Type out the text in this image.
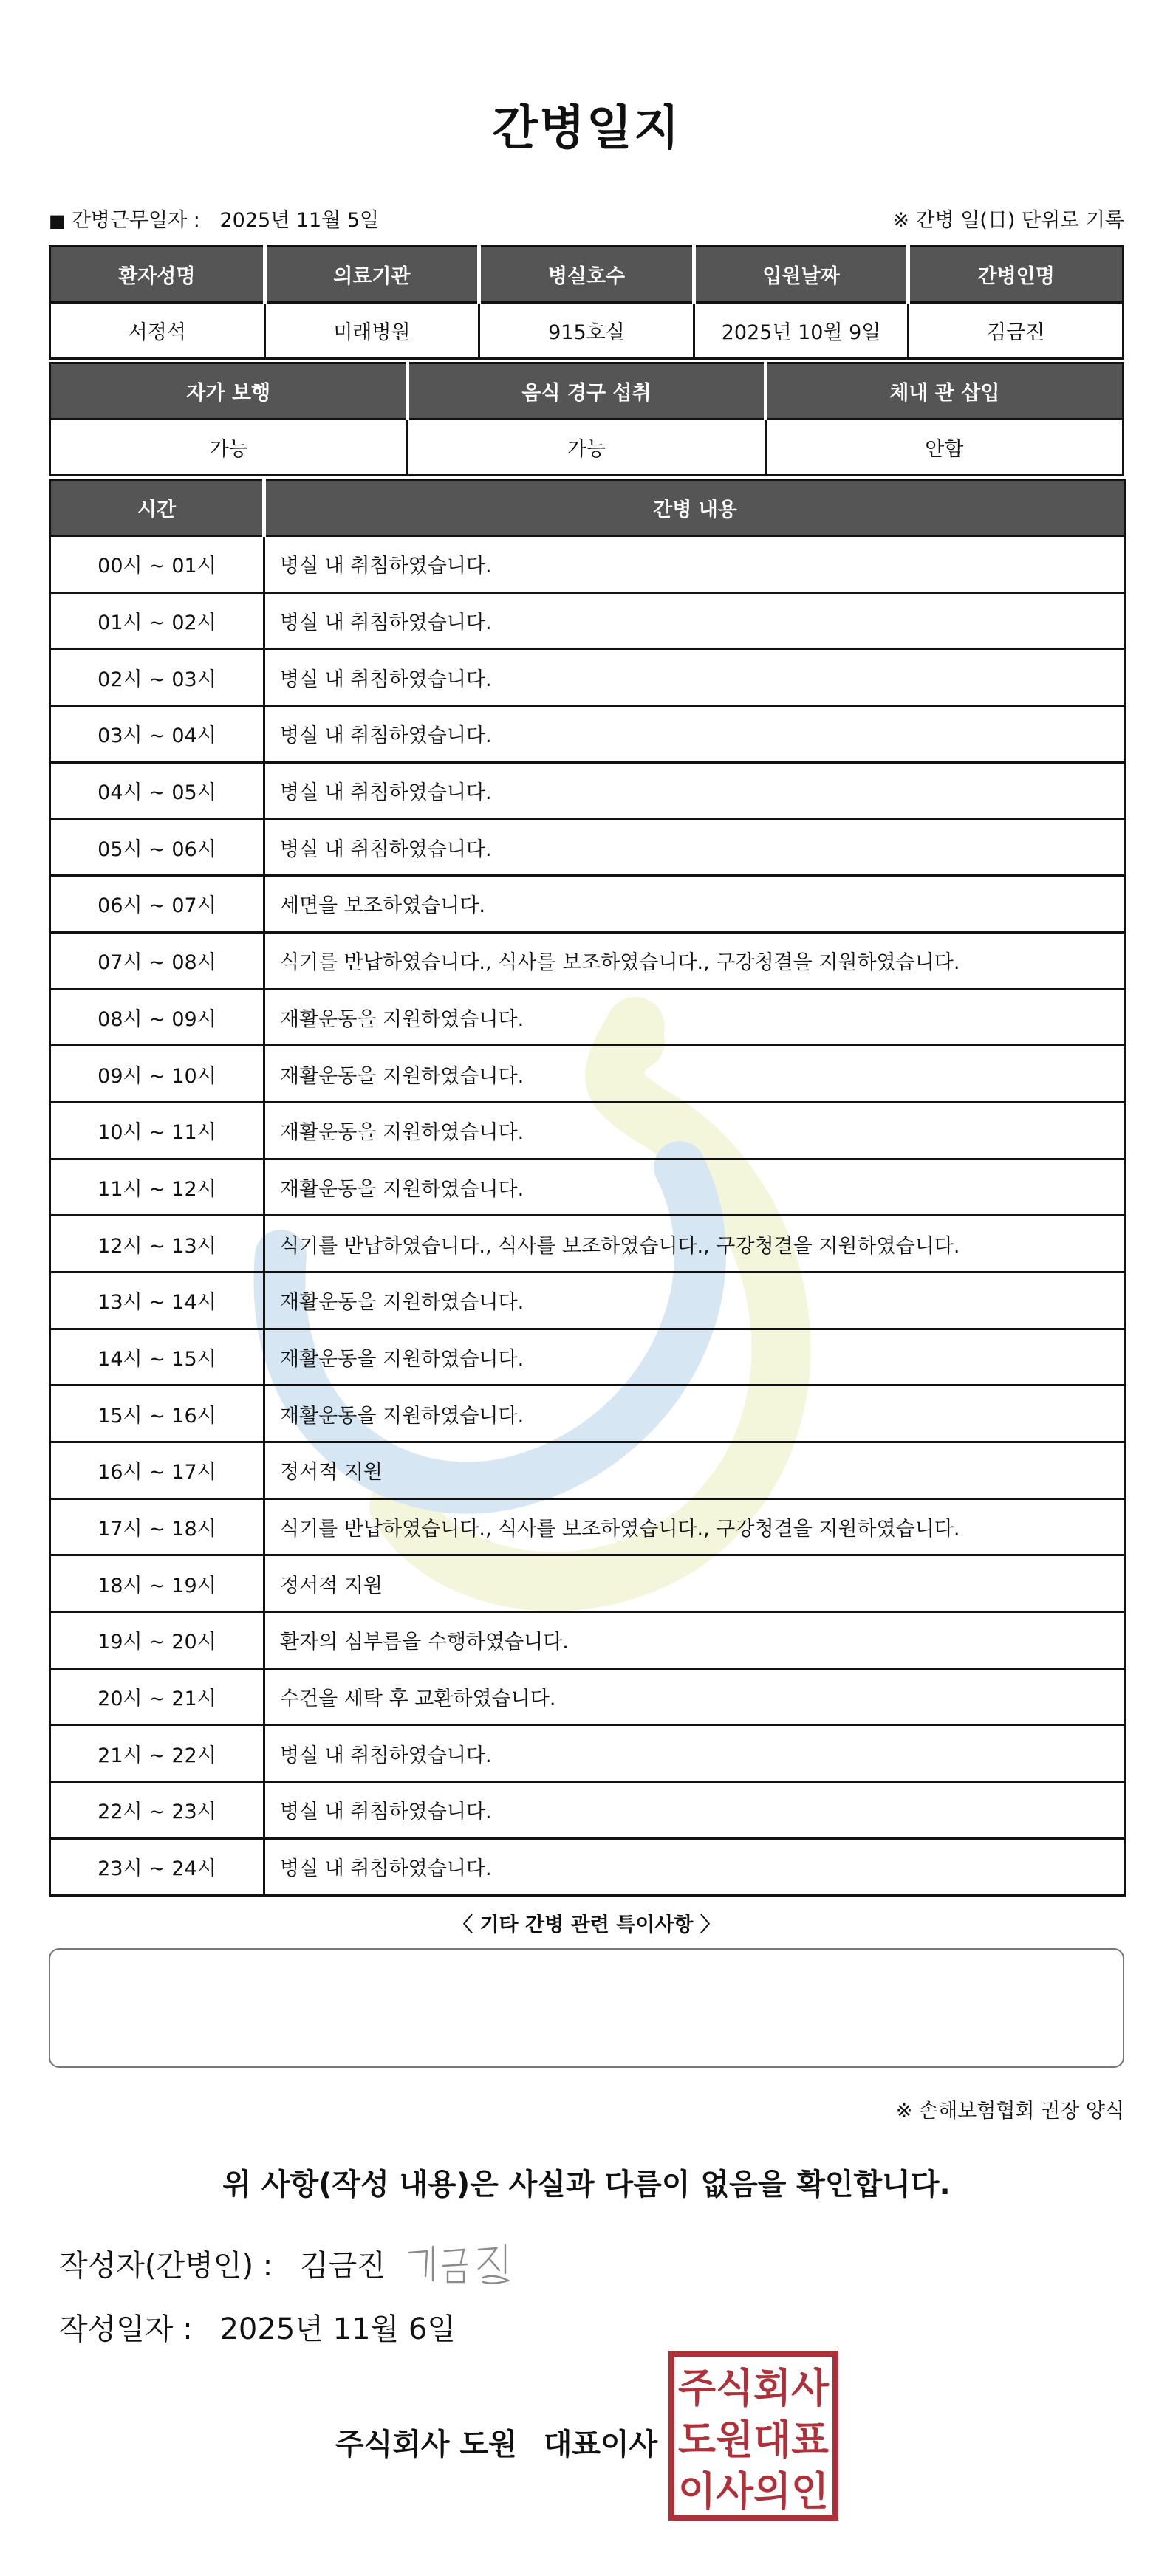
간병일지
■ 간병근무일자 : 2025년 11월 5일	※ 간병 일(日) 단위로 기록
환자성명	의료기관	병실호수	입원날짜	간병인명
서정석	미래병원	915호실	2025년 10월 9일	김금진
자가 보행	음식 경구 섭취	체내 관 삽입
가능	가능	안함
시간	간병 내용
00시 ~ 01시	병실 내 취침하였습니다.
01시 ~ 02시	병실 내 취침하였습니다.
02시 ~ 03시	병실 내 취침하였습니다.
03시 ~ 04시	병실 내 취침하였습니다.
04시 ~ 05시	병실 내 취침하였습니다.
05시 ~ 06시	병실 내 취침하였습니다.
06시 ~ 07시	세면을 보조하였습니다.
07시 ~ 08시	식기를 반납하였습니다., 식사를 보조하였습니다., 구강청결을 지원하였습니다.
08시 ~ 09시	재활운동을 지원하였습니다.
09시 ~ 10시	재활운동을 지원하였습니다.
10시 ~ 11시	재활운동을 지원하였습니다.
11시 ~ 12시	재활운동을 지원하였습니다.
12시 ~ 13시	식기를 반납하였습니다., 식사를 보조하였습니다., 구강청결을 지원하였습니다.
13시 ~ 14시	재활운동을 지원하였습니다.
14시 ~ 15시	재활운동을 지원하였습니다.
15시 ~ 16시	재활운동을 지원하였습니다.
16시 ~ 17시	정서적 지원
17시 ~ 18시	식기를 반납하였습니다., 식사를 보조하였습니다., 구강청결을 지원하였습니다.
18시 ~ 19시	정서적 지원
19시 ~ 20시	환자의 심부름을 수행하였습니다.
20시 ~ 21시	수건을 세탁 후 교환하였습니다.
21시 ~ 22시	병실 내 취침하였습니다.
22시 ~ 23시	병실 내 취침하였습니다.
23시 ~ 24시	병실 내 취침하였습니다.
〈 기타 간병 관련 특이사항 〉
※ 손해보험협회 권장 양식
위 사항(작성 내용)은 사실과 다름이 없음을 확인합니다.
작성자(간병인) : 김금진
작성일자 : 2025년 11월 6일
주식회사 도원 대표이사
주식회사
도원대표
이사의인
